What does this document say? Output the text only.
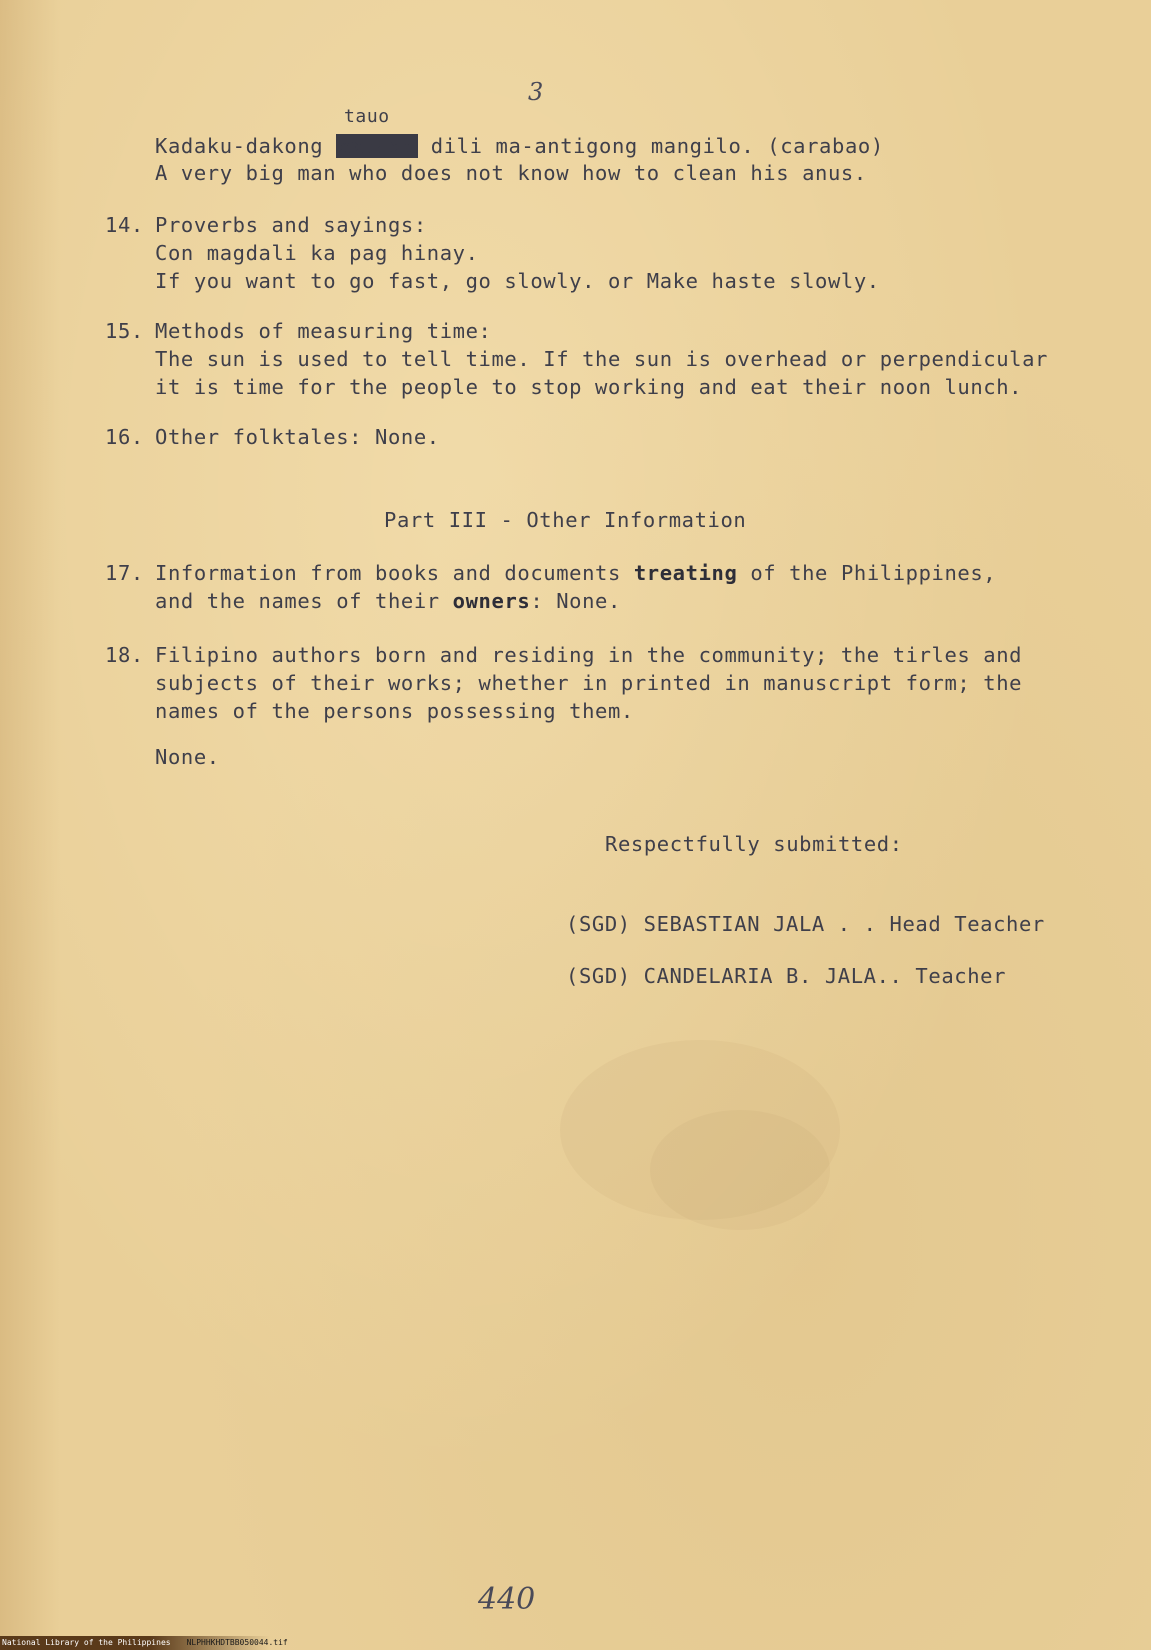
3
tauo
Kadaku-dakong xxtaxx dili ma-antigong mangilo. (carabao)
A very big man who does not know how to clean his anus.
14. Proverbs and sayings:
Con magdali ka pag hinay.
If you want to go fast, go slowly. or Make haste slowly.
15. Methods of measuring time:
The sun is used to tell time. If the sun is overhead or perpendicular
it is time for the people to stop working and eat their noon lunch.
16. Other folktales: None.
Part III - Other Information
17. Information from books and documents treating of the Philippines,
and the names of their owners: None.
18. Filipino authors born and residing in the community; the tirles and
subjects of their works; whether in printed in manuscript form; the
names of the persons possessing them.
None.
Respectfully submitted:
(SGD) SEBASTIAN JALA . . Head Teacher
(SGD) CANDELARIA B. JALA.. Teacher
440
National Library of the Philippines NLPHHKHDTBB050044.tif
